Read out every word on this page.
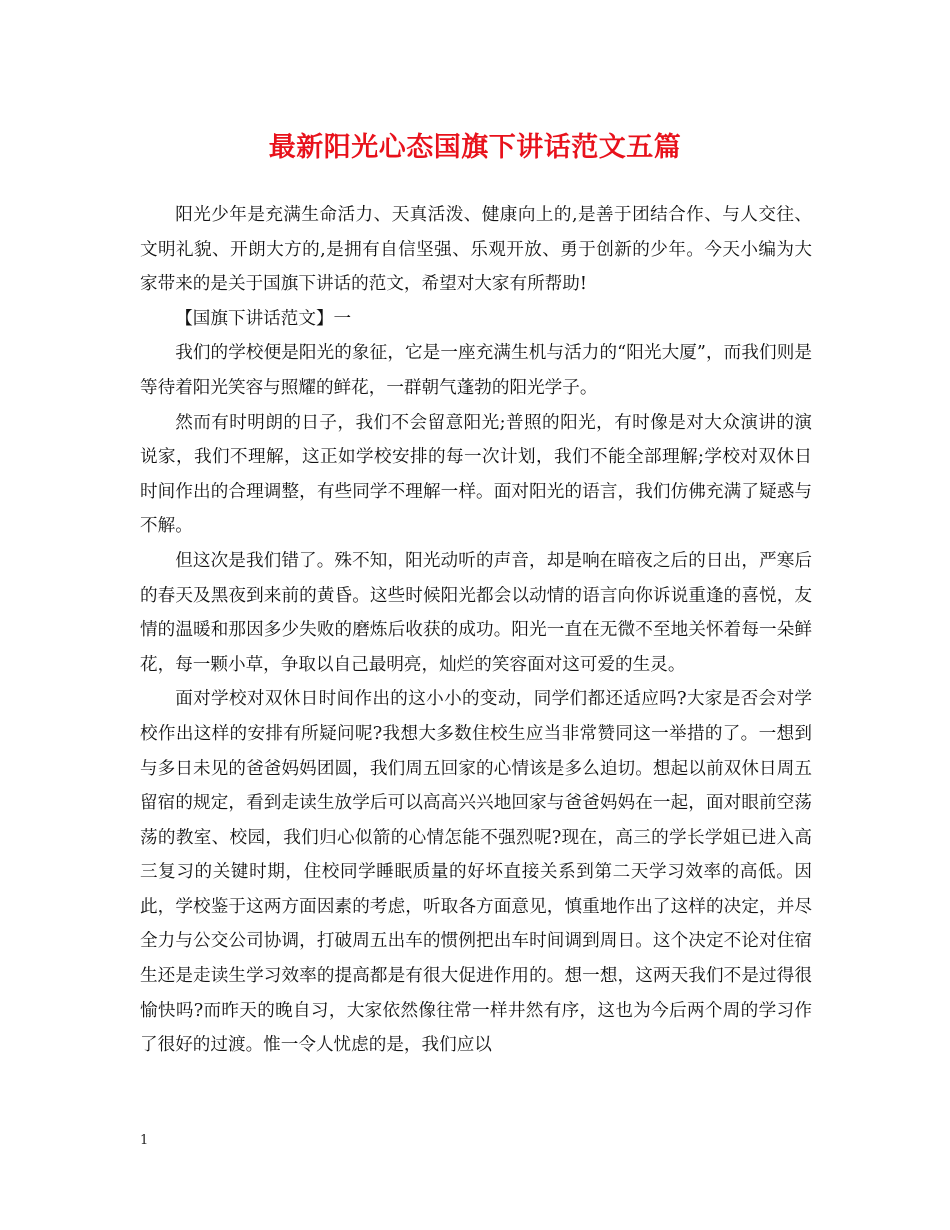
最新阳光心态国旗下讲话范文五篇

阳光少年是充满生命活力、天真活泼、健康向上的,是善于团结合作、与人交往、文明礼貌、开朗大方的,是拥有自信坚强、乐观开放、勇于创新的少年。今天小编为大家带来的是关于国旗下讲话的范文，希望对大家有所帮助!

【国旗下讲话范文】一

我们的学校便是阳光的象征，它是一座充满生机与活力的“阳光大厦”，而我们则是等待着阳光笑容与照耀的鲜花，一群朝气蓬勃的阳光学子。

然而有时明朗的日子，我们不会留意阳光;普照的阳光，有时像是对大众演讲的演说家，我们不理解，这正如学校安排的每一次计划，我们不能全部理解;学校对双休日时间作出的合理调整，有些同学不理解一样。面对阳光的语言，我们仿佛充满了疑惑与不解。

但这次是我们错了。殊不知，阳光动听的声音，却是响在暗夜之后的日出，严寒后的春天及黑夜到来前的黄昏。这些时候阳光都会以动情的语言向你诉说重逢的喜悦，友情的温暖和那因多少失败的磨炼后收获的成功。阳光一直在无微不至地关怀着每一朵鲜花，每一颗小草，争取以自己最明亮，灿烂的笑容面对这可爱的生灵。

面对学校对双休日时间作出的这小小的变动，同学们都还适应吗?大家是否会对学校作出这样的安排有所疑问呢?我想大多数住校生应当非常赞同这一举措的了。一想到与多日未见的爸爸妈妈团圆，我们周五回家的心情该是多么迫切。想起以前双休日周五留宿的规定，看到走读生放学后可以高高兴兴地回家与爸爸妈妈在一起，面对眼前空荡荡的教室、校园，我们归心似箭的心情怎能不强烈呢?现在，高三的学长学姐已进入高三复习的关键时期，住校同学睡眠质量的好坏直接关系到第二天学习效率的高低。因此，学校鉴于这两方面因素的考虑，听取各方面意见，慎重地作出了这样的决定，并尽全力与公交公司协调，打破周五出车的惯例把出车时间调到周日。这个决定不论对住宿生还是走读生学习效率的提高都是有很大促进作用的。想一想，这两天我们不是过得很愉快吗?而昨天的晚自习，大家依然像往常一样井然有序，这也为今后两个周的学习作了很好的过渡。惟一令人忧虑的是，我们应以

1
